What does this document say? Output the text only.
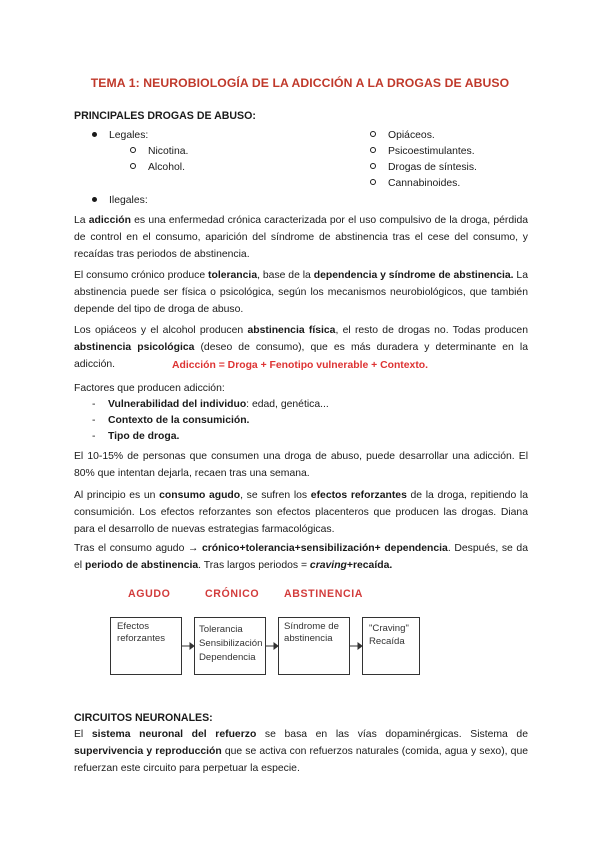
TEMA 1: NEUROBIOLOGÍA DE LA ADICCIÓN A LA DROGAS DE ABUSO
PRINCIPALES DROGAS DE ABUSO:
Legales:
Nicotina.
Alcohol.
Opiáceos.
Psicoestimulantes.
Drogas de síntesis.
Cannabinoides.
Ilegales:
La adicción es una enfermedad crónica caracterizada por el uso compulsivo de la droga, pérdida de control en el consumo, aparición del síndrome de abstinencia tras el cese del consumo, y recaídas tras periodos de abstinencia.
El consumo crónico produce tolerancia, base de la dependencia y síndrome de abstinencia. La abstinencia puede ser física o psicológica, según los mecanismos neurobiológicos, que también depende del tipo de droga de abuso.
Los opiáceos y el alcohol producen abstinencia física, el resto de drogas no. Todas producen abstinencia psicológica (deseo de consumo), que es más duradera y determinante en la adicción.	Adicción = Droga + Fenotipo vulnerable + Contexto.
Factores que producen adicción:
- Vulnerabilidad del individuo: edad, genética...
- Contexto de la consumición.
- Tipo de droga.
El 10-15% de personas que consumen una droga de abuso, puede desarrollar una adicción. El 80% que intentan dejarla, recaen tras una semana.
Al principio es un consumo agudo, se sufren los efectos reforzantes de la droga, repitiendo la consumición. Los efectos reforzantes son efectos placenteros que producen las drogas. Diana para el desarrollo de nuevas estrategias farmacológicas.
Tras el consumo agudo → crónico+tolerancia+sensibilización+ dependencia. Después, se da el periodo de abstinencia. Tras largos periodos = craving+recaída.
AGUDO	CRÓNICO ABSTINENCIA
Efectos
reforzantes
Tolerancia
Sensibilización
Dependencia
Síndrome de
abstinencia
"Craving"
Recaída
CIRCUITOS NEURONALES:
El sistema neuronal del refuerzo se basa en las vías dopaminérgicas. Sistema de supervivencia y reproducción que se activa con refuerzos naturales (comida, agua y sexo), que refuerzan este circuito para perpetuar la especie.
